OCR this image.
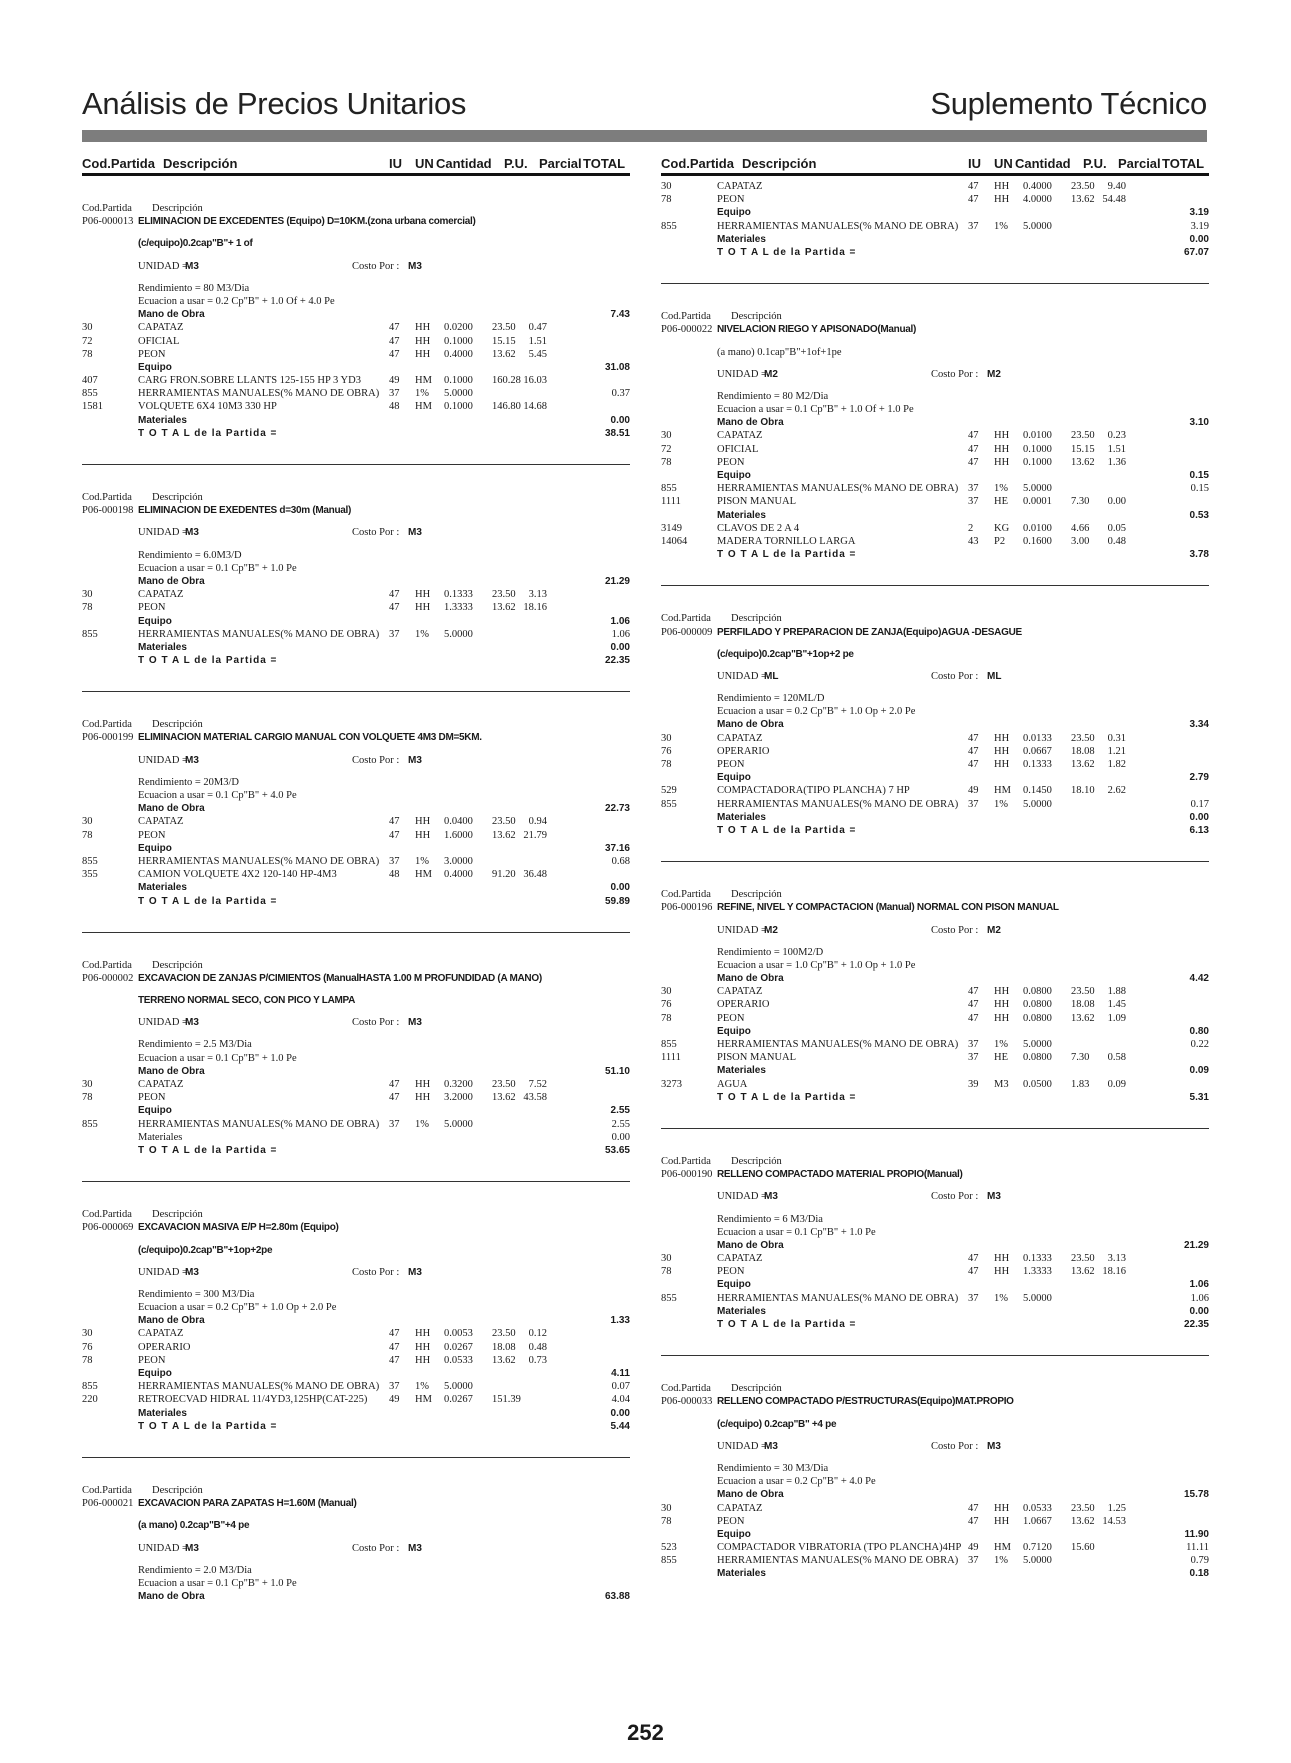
Análisis de Precios Unitarios	Suplemento Técnico
Cod.Partida Descripción	IU UN Cantidad P.U. Parcial TOTAL
Cod.Partida Descripción
P06-000013 ELIMINACION DE EXCEDENTES (Equipo) D=10KM.(zona urbana comercial)
(c/equipo)0.2cap"B"+ 1 of
UNIDAD =
M3	Costo Por : M3
Rendimiento = 80 M3/Dia
Ecuacion a usar = 0.2 Cp"B" + 1.0 Of + 4.0 Pe
Mano de Obra	7.43
30	CAPATAZ	47 HH 0.0200 23.50 0.47
72	OFICIAL	47 HH 0.1000 15.15 1.51
78	PEON	47 HH 0.4000 13.62 5.45
Equipo	31.08
407	CARG FRON.SOBRE LLANTS 125-155 HP 3 YD3	49 HM 0.1000 160.28 16.03
855	HERRAMIENTAS MANUALES(% MANO DE OBRA) 37 1% 5.0000	0.37
1581	VOLQUETE 6X4 10M3 330 HP	48 HM 0.1000 146.80 14.68
Materiales	0.00
T O T A L de la Partida =	38.51
Cod.Partida Descripción
P06-000198 ELIMINACION DE EXEDENTES d=30m (Manual)
UNIDAD =
M3	Costo Por : M3
Rendimiento = 6.0M3/D
Ecuacion a usar = 0.1 Cp"B" + 1.0 Pe
Mano de Obra	21.29
30	CAPATAZ	47 HH 0.1333 23.50 3.13
78	PEON	47 HH 1.3333 13.62 18.16
Equipo	1.06
855	HERRAMIENTAS MANUALES(% MANO DE OBRA) 37 1% 5.0000	1.06
Materiales	0.00
T O T A L de la Partida =	22.35
Cod.Partida Descripción
P06-000199 ELIMINACION MATERIAL CARGIO MANUAL CON VOLQUETE 4M3 DM=5KM.
UNIDAD =
M3	Costo Por : M3
Rendimiento = 20M3/D
Ecuacion a usar = 0.1 Cp"B" + 4.0 Pe
Mano de Obra	22.73
30	CAPATAZ	47 HH 0.0400 23.50 0.94
78	PEON	47 HH 1.6000 13.62 21.79
Equipo	37.16
855	HERRAMIENTAS MANUALES(% MANO DE OBRA) 37 1% 3.0000	0.68
355	CAMION VOLQUETE 4X2 120-140 HP-4M3	48 HM 0.4000 91.20 36.48
Materiales	0.00
T O T A L de la Partida =	59.89
Cod.Partida Descripción
P06-000002 EXCAVACION DE ZANJAS P/CIMIENTOS (ManualHASTA 1.00 M PROFUNDIDAD (A MANO)
TERRENO NORMAL SECO, CON PICO Y LAMPA
UNIDAD =
M3	Costo Por : M3
Rendimiento = 2.5 M3/Dia
Ecuacion a usar = 0.1 Cp"B" + 1.0 Pe
Mano de Obra	51.10
30	CAPATAZ	47 HH 0.3200 23.50 7.52
78	PEON	47 HH 3.2000 13.62 43.58
Equipo	2.55
855	HERRAMIENTAS MANUALES(% MANO DE OBRA) 37 1% 5.0000	2.55
Materiales	0.00
T O T A L de la Partida =	53.65
Cod.Partida Descripción
P06-000069 EXCAVACION MASIVA E/P H=2.80m (Equipo)
(c/equipo)0.2cap"B"+1op+2pe
UNIDAD =
M3	Costo Por : M3
Rendimiento = 300 M3/Dia
Ecuacion a usar = 0.2 Cp"B" + 1.0 Op + 2.0 Pe
Mano de Obra	1.33
30	CAPATAZ	47 HH 0.0053 23.50 0.12
76	OPERARIO	47 HH 0.0267 18.08 0.48
78	PEON	47 HH 0.0533 13.62 0.73
Equipo	4.11
855	HERRAMIENTAS MANUALES(% MANO DE OBRA) 37 1% 5.0000	0.07
220	RETROECVAD HIDRAL 11/4YD3,125HP(CAT-225) 49 HM 0.0267 151.39	4.04
Materiales	0.00
T O T A L de la Partida =	5.44
Cod.Partida Descripción
P06-000021 EXCAVACION PARA ZAPATAS H=1.60M (Manual)
(a mano) 0.2cap"B"+4 pe
UNIDAD =
M3	Costo Por : M3
Rendimiento = 2.0 M3/Dia
Ecuacion a usar = 0.1 Cp"B" + 1.0 Pe
Mano de Obra	63.88
Cod.Partida Descripción	IU UN Cantidad P.U. Parcial TOTAL
30	CAPATAZ	47 HH 0.4000 23.50 9.40
78	PEON	47 HH 4.0000 13.62 54.48
Equipo	3.19
855	HERRAMIENTAS MANUALES(% MANO DE OBRA) 37 1% 5.0000	3.19
Materiales	0.00
T O T A L de la Partida =	67.07
Cod.Partida Descripción
P06-000022 NIVELACION RIEGO Y APISONADO(Manual)
(a mano) 0.1cap"B"+1of+1pe
UNIDAD =
M2	Costo Por : M2
Rendimiento = 80 M2/Dia
Ecuacion a usar = 0.1 Cp"B" + 1.0 Of + 1.0 Pe
Mano de Obra	3.10
30	CAPATAZ	47 HH 0.0100 23.50 0.23
72	OFICIAL	47 HH 0.1000 15.15 1.51
78	PEON	47 HH 0.1000 13.62 1.36
Equipo	0.15
855	HERRAMIENTAS MANUALES(% MANO DE OBRA) 37 1% 5.0000	0.15
1111	PISON MANUAL	37 HE 0.0001 7.30 0.00
Materiales	0.53
3149	CLAVOS DE 2 A 4	2 KG 0.0100 4.66 0.05
14064	MADERA TORNILLO LARGA	43 P2 0.1600 3.00 0.48
T O T A L de la Partida =	3.78
Cod.Partida Descripción
P06-000009 PERFILADO Y PREPARACION DE ZANJA(Equipo)AGUA -DESAGUE
(c/equipo)0.2cap"B"+1op+2 pe
UNIDAD =
ML	Costo Por : ML
Rendimiento = 120ML/D
Ecuacion a usar = 0.2 Cp"B" + 1.0 Op + 2.0 Pe
Mano de Obra	3.34
30	CAPATAZ	47 HH 0.0133 23.50 0.31
76	OPERARIO	47 HH 0.0667 18.08 1.21
78	PEON	47 HH 0.1333 13.62 1.82
Equipo	2.79
529	COMPACTADORA(TIPO PLANCHA) 7 HP	49 HM 0.1450 18.10 2.62
855	HERRAMIENTAS MANUALES(% MANO DE OBRA) 37 1% 5.0000	0.17
Materiales	0.00
T O T A L de la Partida =	6.13
Cod.Partida Descripción
P06-000196 REFINE, NIVEL Y COMPACTACION (Manual) NORMAL CON PISON MANUAL
UNIDAD =
M2	Costo Por : M2
Rendimiento = 100M2/D
Ecuacion a usar = 1.0 Cp"B" + 1.0 Op + 1.0 Pe
Mano de Obra	4.42
30	CAPATAZ	47 HH 0.0800 23.50 1.88
76	OPERARIO	47 HH 0.0800 18.08 1.45
78	PEON	47 HH 0.0800 13.62 1.09
Equipo	0.80
855	HERRAMIENTAS MANUALES(% MANO DE OBRA) 37 1% 5.0000	0.22
1111	PISON MANUAL	37 HE 0.0800 7.30 0.58
Materiales	0.09
3273	AGUA	39 M3 0.0500 1.83 0.09
T O T A L de la Partida =	5.31
Cod.Partida Descripción
P06-000190 RELLENO COMPACTADO MATERIAL PROPIO(Manual)
UNIDAD =
M3	Costo Por : M3
Rendimiento = 6 M3/Dia
Ecuacion a usar = 0.1 Cp"B" + 1.0 Pe
Mano de Obra	21.29
30	CAPATAZ	47 HH 0.1333 23.50 3.13
78	PEON	47 HH 1.3333 13.62 18.16
Equipo	1.06
855	HERRAMIENTAS MANUALES(% MANO DE OBRA) 37 1% 5.0000	1.06
Materiales	0.00
T O T A L de la Partida =	22.35
Cod.Partida Descripción
P06-000033 RELLENO COMPACTADO P/ESTRUCTURAS(Equipo)MAT.PROPIO
(c/equipo) 0.2cap"B" +4 pe
UNIDAD =
M3	Costo Por : M3
Rendimiento = 30 M3/Dia
Ecuacion a usar = 0.2 Cp"B" + 4.0 Pe
Mano de Obra	15.78
30	CAPATAZ	47 HH 0.0533 23.50 1.25
78	PEON	47 HH 1.0667 13.62 14.53
Equipo	11.90
523	COMPACTADOR VIBRATORIA (TPO PLANCHA)4HP 49 HM 0.7120 15.60	11.11
855	HERRAMIENTAS MANUALES(% MANO DE OBRA) 37 1% 5.0000	0.79
Materiales	0.18
252
